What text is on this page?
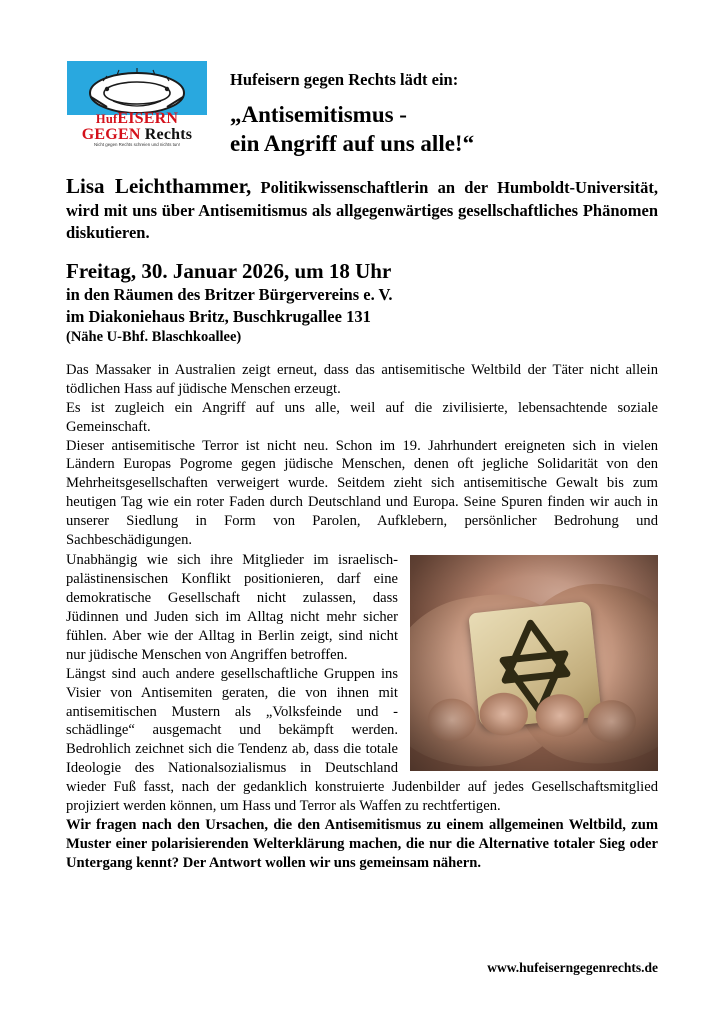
HufEISERN
GEGEN Rechts
Nicht gegen Rechts schreien und nichts tun!
Hufeisern gegen Rechts lädt ein:
„Antisemitismus -
ein Angriff auf uns alle!“
Lisa Leichthammer, Politikwissenschaftlerin an der Humboldt-Universität, wird mit uns über Antisemitismus als allgegenwärtiges gesellschaftliches Phänomen diskutieren.
Freitag, 30. Januar 2026, um 18 Uhr
in den Räumen des Britzer Bürgervereins e. V.
im Diakoniehaus Britz, Buschkrugallee 131
(Nähe U-Bhf. Blaschkoallee)

Das Massaker in Australien zeigt erneut, dass das antisemitische Weltbild der Täter nicht allein tödlichen Hass auf jüdische Menschen erzeugt.

Es ist zugleich ein Angriff auf uns alle, weil auf die zivilisierte, lebensachtende soziale Gemeinschaft.

Dieser antisemitische Terror ist nicht neu. Schon im 19. Jahrhundert ereigneten sich in vielen Ländern Europas Pogrome gegen jüdische Menschen, denen oft jegliche Solidarität von den Mehrheitsgesellschaften verweigert wurde. Seitdem zieht sich antisemitische Gewalt bis zum heutigen Tag wie ein roter Faden durch Deutschland und Europa. Seine Spuren finden wir auch in unserer Siedlung in Form von Parolen, Aufklebern, persönlicher Bedrohung und Sachbeschädigungen.

Unabhängig wie sich ihre Mitglieder im israelisch-palästinensischen Konflikt positionieren, darf eine demokratische Gesellschaft nicht zulassen, dass Jüdinnen und Juden sich im Alltag nicht mehr sicher fühlen. Aber wie der Alltag in Berlin zeigt, sind nicht nur jüdische Menschen von Angriffen betroffen.

Längst sind auch andere gesellschaftliche Gruppen ins Visier von Antisemiten geraten, die von ihnen mit antisemitischen Mustern als „Volksfeinde und -schädlinge“ ausgemacht und bekämpft werden. Bedrohlich zeichnet sich die Tendenz ab, dass die totale Ideologie des Nationalsozialismus in Deutschland wieder Fuß fasst, nach der gedanklich konstruierte Judenbilder auf jedes Gesellschaftsmitglied projiziert werden können, um Hass und Terror als Waffen zu rechtfertigen.

Wir fragen nach den Ursachen, die den Antisemitismus zu einem allgemeinen Weltbild, zum Muster einer polarisierenden Welterklärung machen, die nur die Alternative totaler Sieg oder Untergang kennt? Der Antwort wollen wir uns gemeinsam nähern.

www.hufeiserngegenrechts.de
